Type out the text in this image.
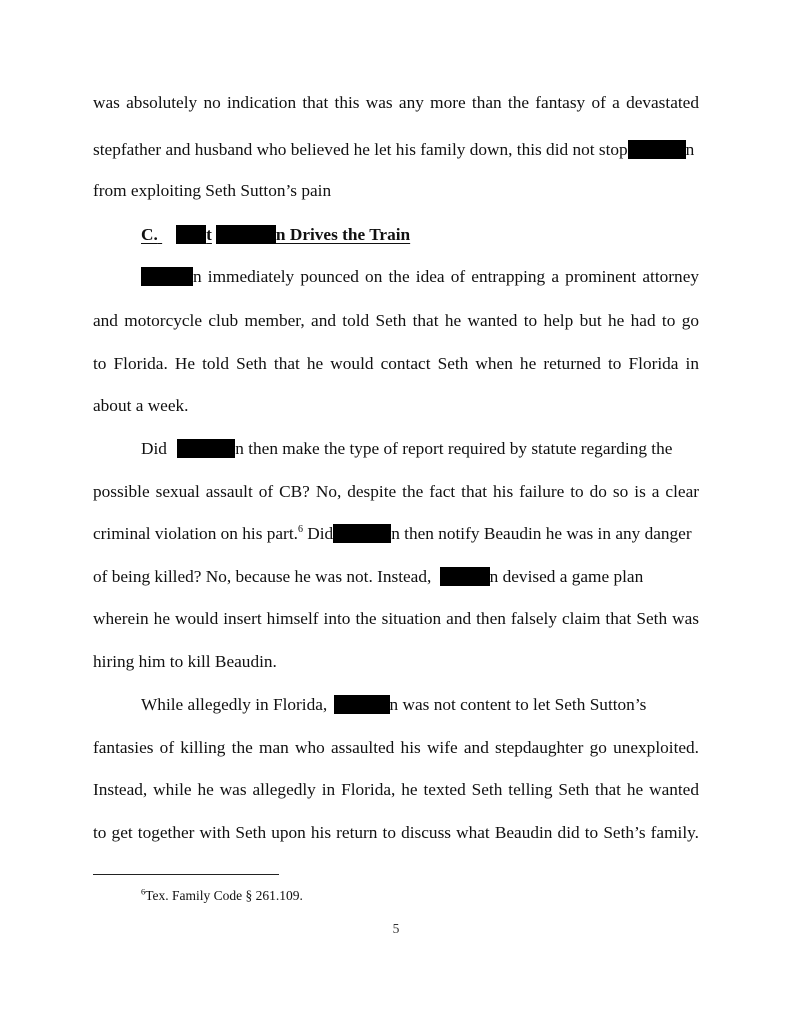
was absolutely no indication that this was any more than the fantasy of a devastated
stepfather and husband who believed he let his family down, this did not stop	n
from exploiting Seth Sutton’s pain
C.	t	n Drives the Train
n immediately pounced on the idea of entrapping a prominent attorney
and motorcycle club member, and told Seth that he wanted to help but he had to go
to Florida. He told Seth that he would contact Seth when he returned to Florida in
about a week.
Did	n then make the type of report required by statute regarding the
possible sexual assault of CB? No, despite the fact that his failure to do so is a clear
criminal violation on his part.$^6$ Did	n then notify Beaudin he was in any danger
of being killed? No, because he was not. Instead,	n devised a game plan
wherein he would insert himself into the situation and then falsely claim that Seth was
hiring him to kill Beaudin.
While allegedly in Florida,	n was not content to let Seth Sutton’s
fantasies of killing the man who assaulted his wife and stepdaughter go unexploited.
Instead, while he was allegedly in Florida, he texted Seth telling Seth that he wanted
to get together with Seth upon his return to discuss what Beaudin did to Seth’s family.
$^6$Tex. Family Code § 261.109.
5
